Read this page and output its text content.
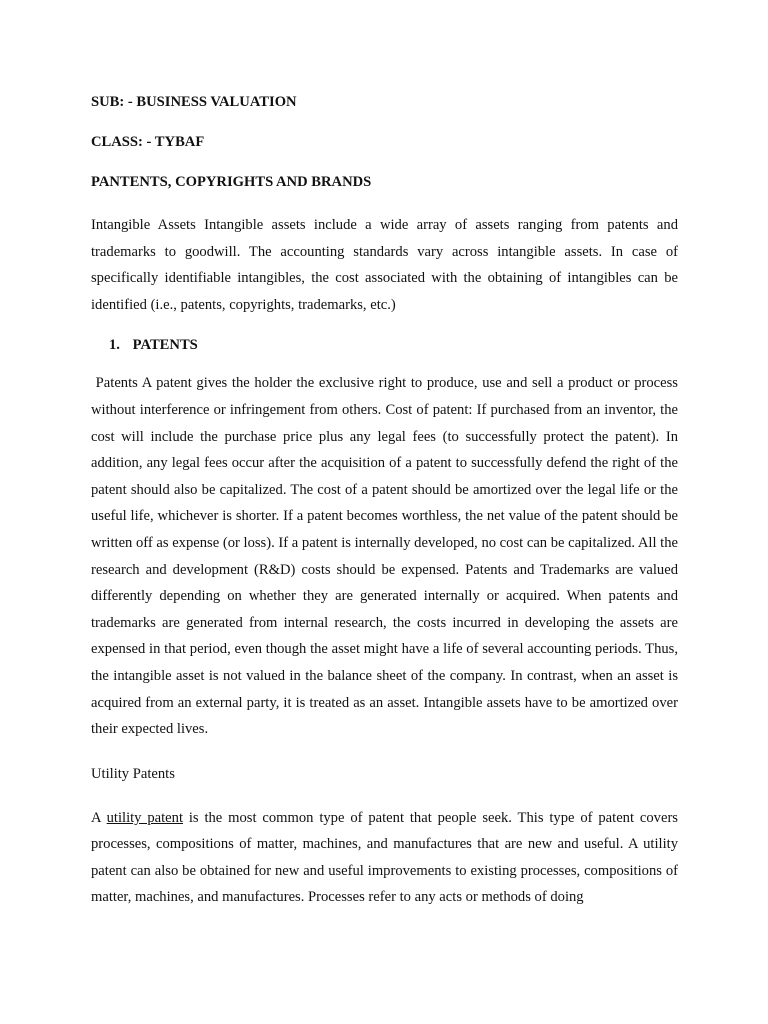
SUB: - BUSINESS VALUATION

CLASS: - TYBAF

PANTENTS, COPYRIGHTS AND BRANDS

Intangible Assets Intangible assets include a wide array of assets ranging from patents and trademarks to goodwill. The accounting standards vary across intangible assets. In case of specifically identifiable intangibles, the cost associated with the obtaining of intangibles can be identified (i.e., patents, copyrights, trademarks, etc.)

1. PATENTS

Patents A patent gives the holder the exclusive right to produce, use and sell a product or process without interference or infringement from others. Cost of patent: If purchased from an inventor, the cost will include the purchase price plus any legal fees (to successfully protect the patent). In addition, any legal fees occur after the acquisition of a patent to successfully defend the right of the patent should also be capitalized. The cost of a patent should be amortized over the legal life or the useful life, whichever is shorter. If a patent becomes worthless, the net value of the patent should be written off as expense (or loss). If a patent is internally developed, no cost can be capitalized. All the research and development (R&D) costs should be expensed. Patents and Trademarks are valued differently depending on whether they are generated internally or acquired. When patents and trademarks are generated from internal research, the costs incurred in developing the assets are expensed in that period, even though the asset might have a life of several accounting periods. Thus, the intangible asset is not valued in the balance sheet of the company. In contrast, when an asset is acquired from an external party, it is treated as an asset. Intangible assets have to be amortized over their expected lives.

Utility Patents

A utility patent is the most common type of patent that people seek. This type of patent covers processes, compositions of matter, machines, and manufactures that are new and useful. A utility patent can also be obtained for new and useful improvements to existing processes, compositions of matter, machines, and manufactures. Processes refer to any acts or methods of doing
